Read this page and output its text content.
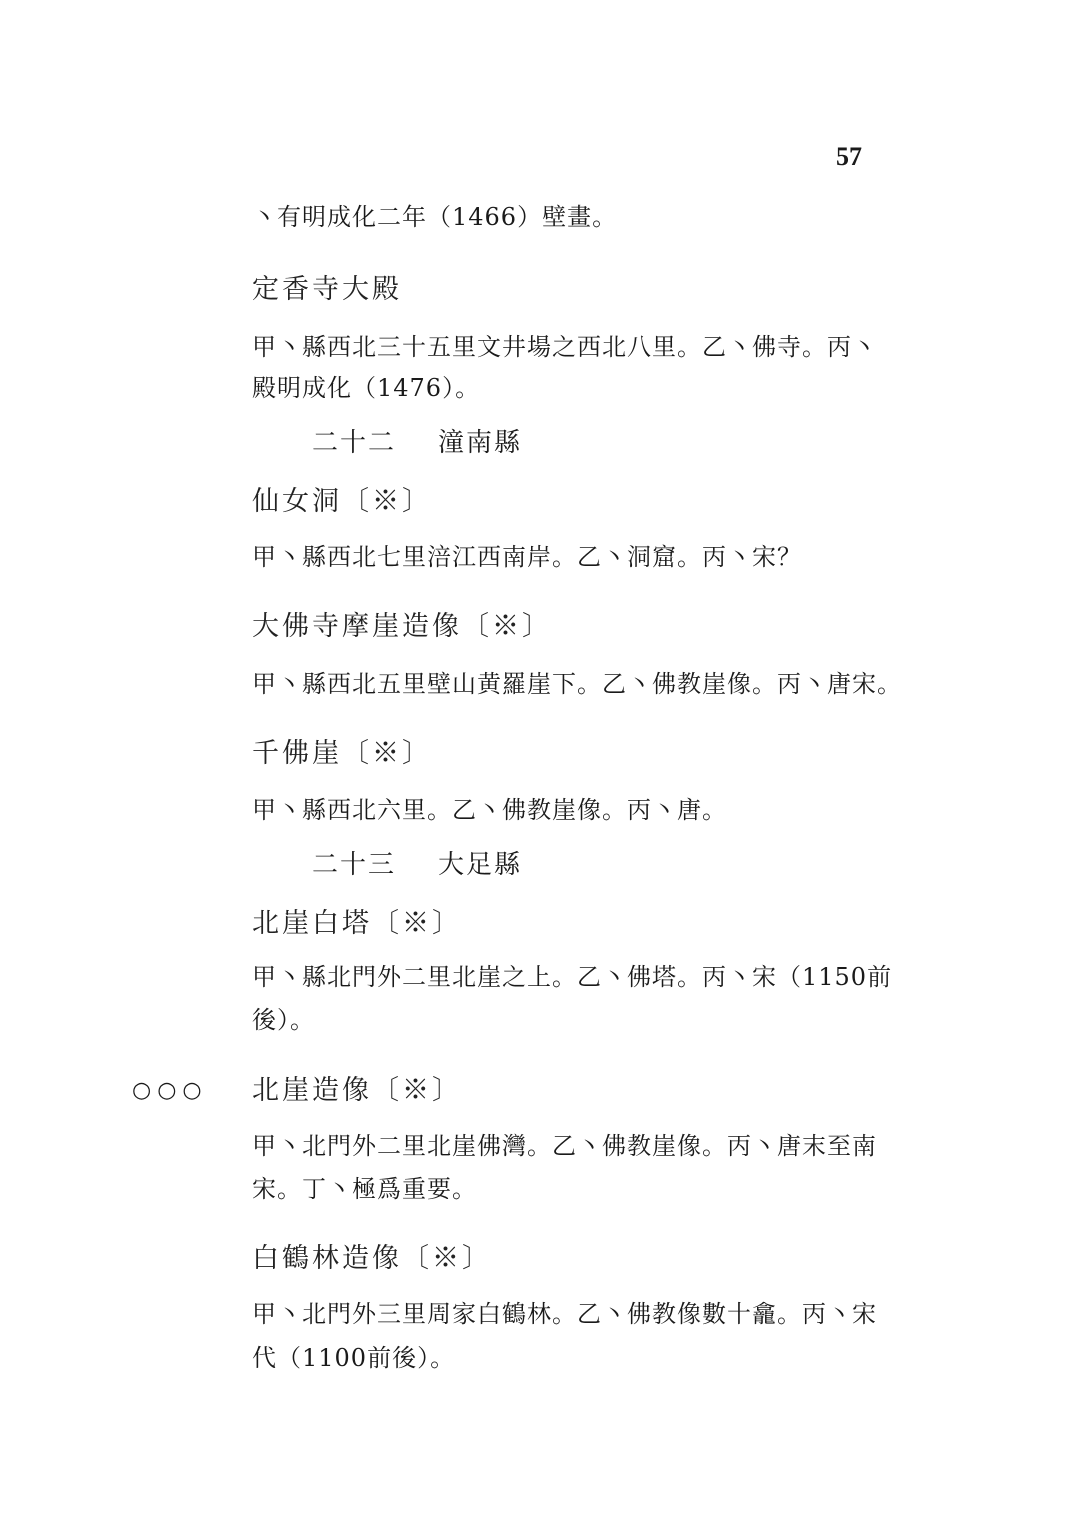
57
丶有明成化二年（1466）壁畫。
定香寺大殿
甲丶縣西北三十五里文井場之西北八里。乙丶佛寺。丙丶
殿明成化（1476）。
二十二 潼南縣
仙女洞〔※〕
甲丶縣西北七里涪江西南岸。乙丶洞窟。丙丶宋？
大佛寺摩崖造像〔※〕
甲丶縣西北五里壁山黄羅崖下。乙丶佛教崖像。丙丶唐宋。
千佛崖〔※〕
甲丶縣西北六里。乙丶佛教崖像。丙丶唐。
二十三 大足縣
北崖白塔〔※〕
甲丶縣北門外二里北崖之上。乙丶佛塔。丙丶宋（1150前
後）。
○○○ 北崖造像〔※〕
甲丶北門外二里北崖佛灣。乙丶佛教崖像。丙丶唐末至南
宋。丁丶極爲重要。
白鶴林造像〔※〕
甲丶北門外三里周家白鶴林。乙丶佛教像數十龕。丙丶宋
代（1100前後）。
